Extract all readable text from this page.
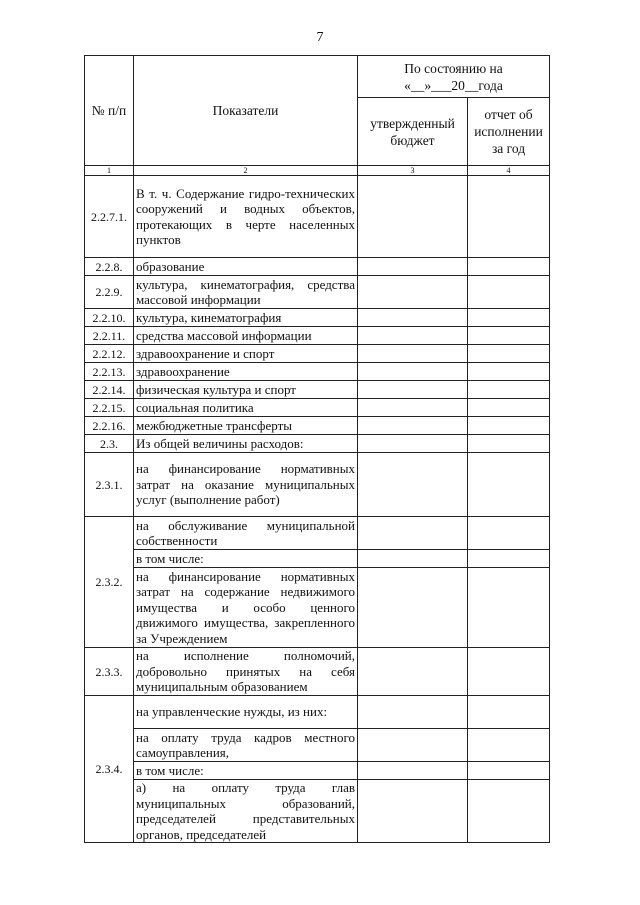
7
№ п/п	Показатели	По состоянию на «__»___20__года	
		утвержденный бюджет	отчет об исполнении за год
1	2	3	4
2.2.7.1.	В т. ч. Содержание гидро-технических сооружений и водных объектов, протекающих в черте населенных пунктов		
2.2.8.	образование		
2.2.9.	культура, кинематография, средства массовой информации		
2.2.10.	культура, кинематография		
2.2.11.	средства массовой информации		
2.2.12.	здравоохранение и спорт		
2.2.13.	здравоохранение		
2.2.14.	физическая культура и спорт		
2.2.15.	социальная политика		
2.2.16.	межбюджетные трансферты		
2.3.	Из общей величины расходов:		
2.3.1.	на финансирование нормативных затрат на оказание муниципальных услуг (выполнение работ)		
2.3.2.	на обслуживание муниципальной собственности		
	в том числе:		
	на финансирование нормативных затрат на содержание недвижимого имущества и особо ценного движимого имущества, закрепленного за Учреждением		
2.3.3.	на исполнение полномочий, добровольно принятых на себя муниципальным образованием		
2.3.4.	на управленческие нужды, из них:		
	на оплату труда кадров местного самоуправления,		
	в том числе:		
	а) на оплату труда глав муниципальных образований, председателей представительных органов, председателей		
